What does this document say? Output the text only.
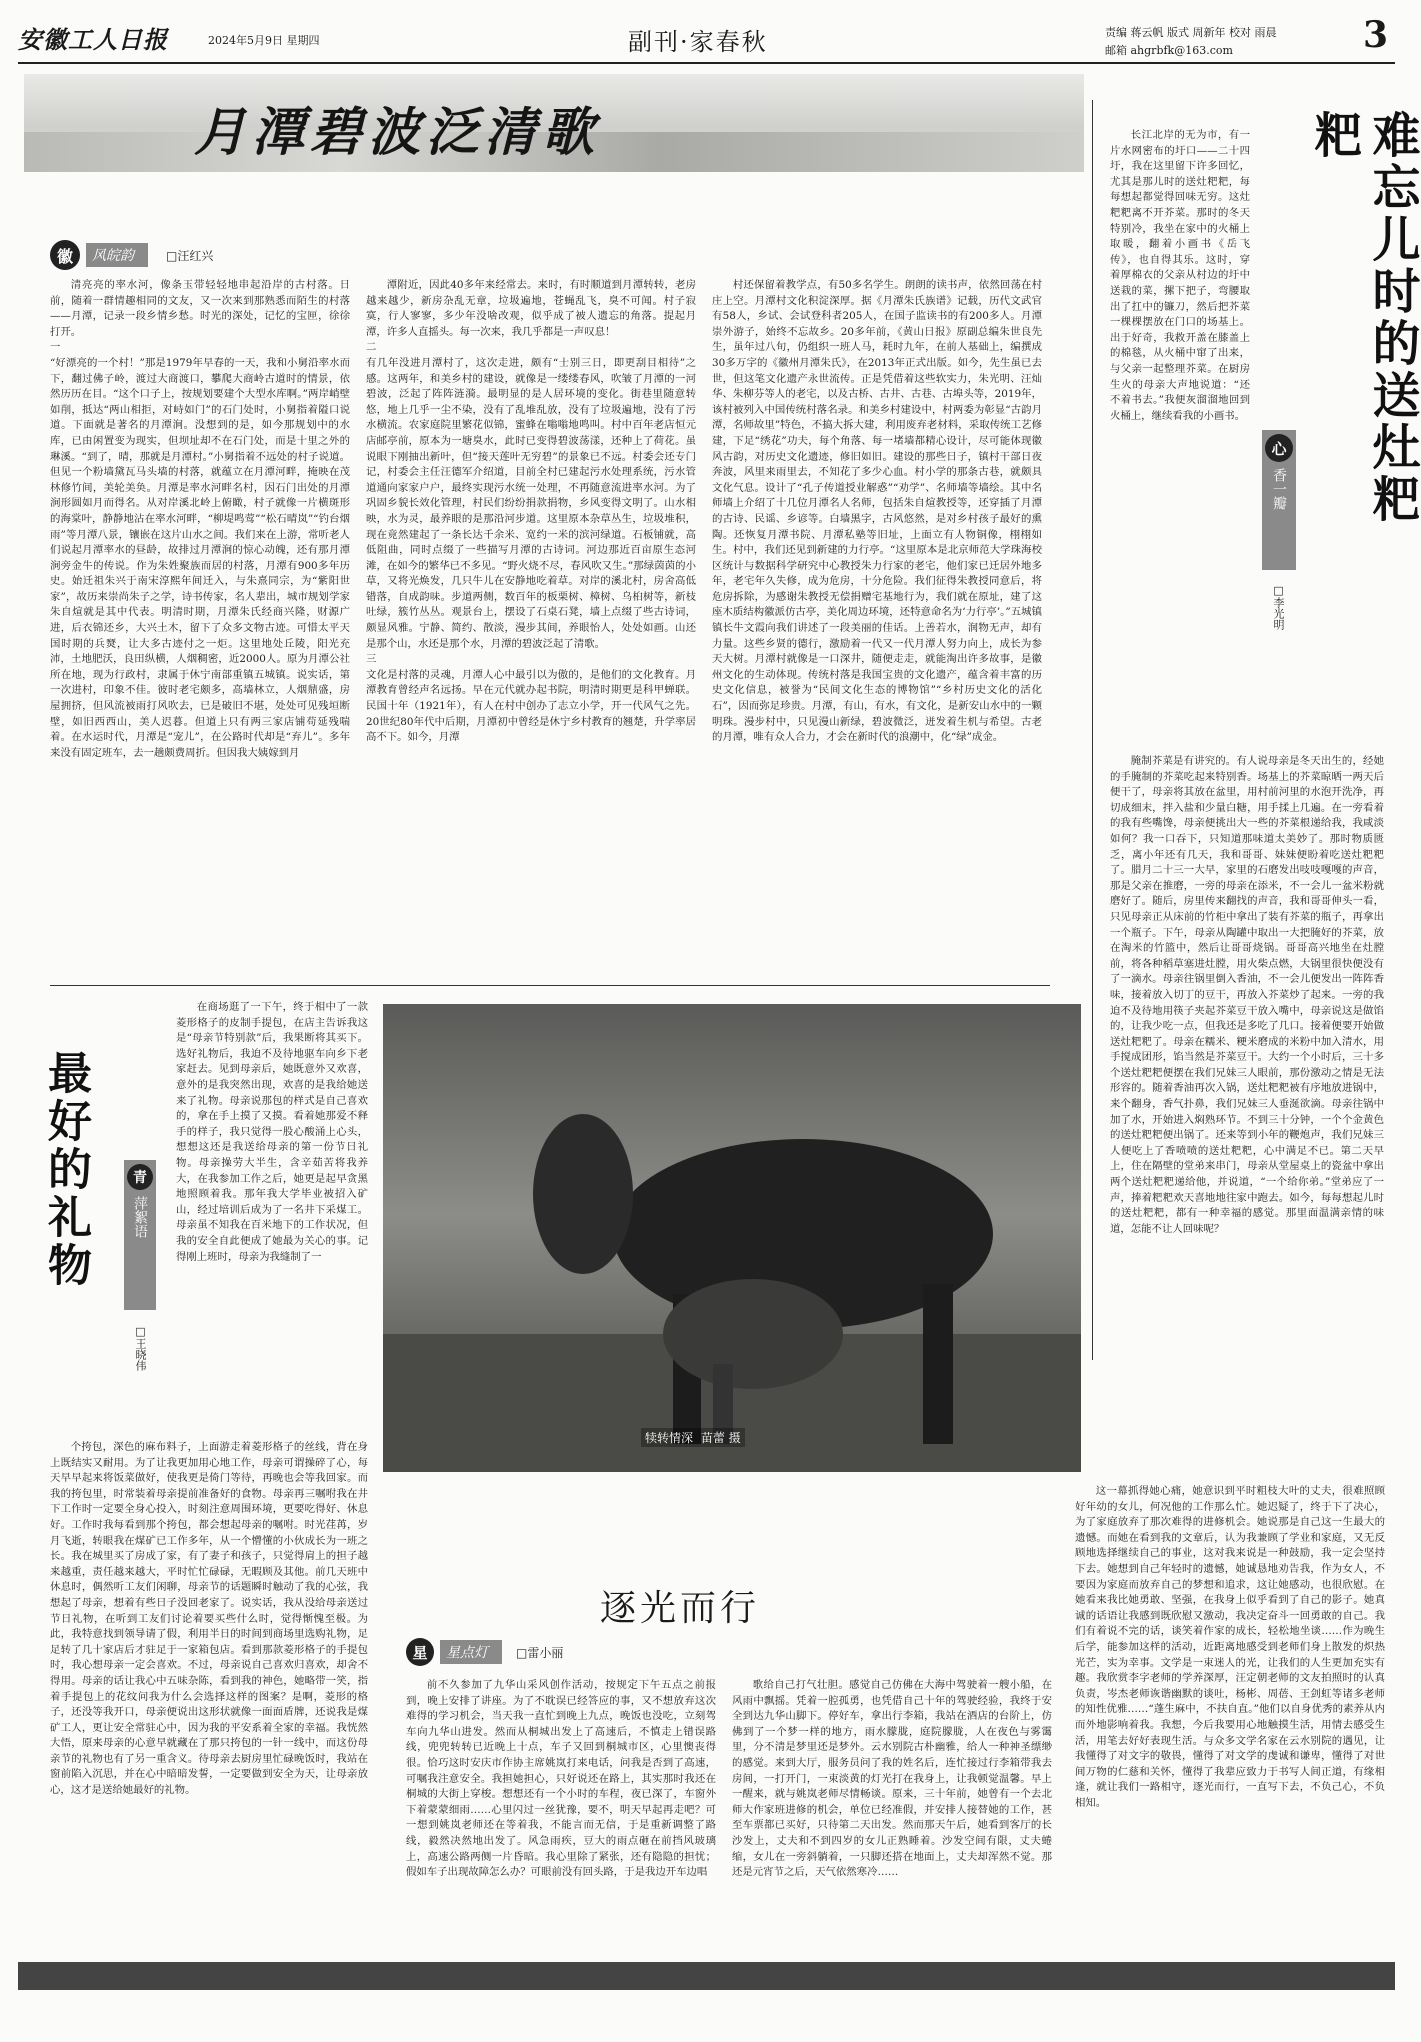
安徽工人日报	2024年5月9日 星期四	副刊·家春秋	责编 蒋云帆 版式 周新年 校对 雨晨
邮箱 ahgrbfk@163.com	3
月潭碧波泛清歌
徽	风皖韵	□汪红兴
清亮亮的率水河，像条玉带轻轻地串起沿岸的古村落。日前，随着一群情趣相同的文友，又一次来到那熟悉而陌生的村落——月潭，记录一段乡情乡愁。时光的深处，记忆的宝匣，徐徐打开。
一
“好漂亮的一个村！”那是1979年早春的一天，我和小舅沿率水而下，翻过佛子岭，渡过大商渡口，攀爬大商岭古道时的情景，依然历历在目。“这个口子上，按规划要建个大型水库啊。”两岸峭壁如削，抵达“两山相拒，对峙如门”的石门处时，小舅指着隘口说道。下面就是著名的月潭涧。没想到的是，如今那规划中的水库，已由闲置变为现实，但坝址却不在石门处，而是十里之外的琳溪。“到了，晴，那就是月潭村。”小舅指着不远处的村子说道。但见一个粉墙黛瓦马头墙的村落，就蕴立在月潭河畔，掩映在茂林修竹间，美轮美奂。月潭是率水河畔名村，因石门出处的月潭涧形圆如月而得名。从对岸溪北岭上俯瞰，村子就像一片横斑形的海棠叶，静静地沾在率水河畔，“柳堤鸣莺”“松石晴岚”“钓台烟雨”等月潭八景，镶嵌在这片山水之间。我们来在上游，常听老人们说起月潭率水的昼龄，故排过月潭涧的惊心动魄，还有那月潭涧旁金牛的传说。作为朱姓聚族而居的村落，月潭有900多年历史。始迁祖朱兴于南宋淳熙年间迁入，与朱熹同宗，为“紫阳世家”，故历来崇尚朱子之学，诗书传家，名人辈出，城市规划学家朱自煊就是其中代表。明清时期，月潭朱氏经商兴隆，财源广进，后衣锦还乡，大兴土木，留下了众多文物古迹。可惜太平天国时期的兵燹，让大多古迹付之一炬。这里地处丘陵，阳光充沛，土地肥沃，良田纵横，人烟稠密，近2000人。原为月潭公社所在地，现为行政村，隶属于休宁南部重镇五城镇。说实话，第一次进村，印象不佳。彼时老宅颇多，高墙林立，人烟鼎盛，房屋拥挤，但风流被雨打风吹去，已是破旧不堪，处处可见残垣断壁，如旧西西山，美人迟暮。但道上只有两三家店铺苟延残喘着。在水运时代，月潭是“宠儿”，在公路时代却是“弃儿”。多年来没有固定班车，去一趟颇费周折。但因我大姨嫁到月
潭附近，因此40多年来经常去。来时，有时顺道到月潭转转，老房越来越少，新房杂乱无章，垃圾遍地，苍蝇乱飞，臭不可闻。村子寂寞，行人寥寥，多少年没啥改观，似乎成了被人遗忘的角落。提起月潭，许多人直摇头。每一次来，我几乎都是一声叹息！
二
有几年没进月潭村了，这次走进，颇有“士别三日，即更刮目相待”之感。这两年，和美乡村的建设，就像是一缕缕春风，吹皱了月潭的一河碧波，泛起了阵阵涟漪。最明显的是人居环境的变化。街巷里随意转悠，地上几乎一尘不染，没有了乱堆乱放，没有了垃圾遍地，没有了污水横流。农家庭院里繁花似锦，蜜蜂在嗡嗡地鸣叫。村中百年老店恒元店邮亭前，原本为一塘臭水，此时已变得碧波荡漾，还种上了荷花。虽说眼下刚抽出新叶，但“接天莲叶无穷碧”的景象已不远。村委会还专门记，村委会主任汪德军介绍道，目前全村已建起污水处理系统，污水管道通向家家户户，最终实现污水统一处理，不再随意流进率水河。为了巩固乡貌长效化管理，村民们纷纷捐款捐物，乡风变得文明了。山水相映，水为灵，最养眼的是那沿河步道。这里原本杂草丛生，垃圾堆积，现在竟然建起了一条长达千余米、宽约一米的滨河绿道。石板铺就，高低阻曲，同时点缀了一些描写月潭的古诗词。河边那近百亩原生态河滩，在如今的繁华已不多见。“野火烧不尽，春风吹又生。”那绿茵茵的小草，又将光焕发，几只牛儿在安静地吃着草。对岸的溪北村，房舍高低错落，自成韵味。步道两侧，数百年的板栗树、樟树、乌桕树等，新枝吐绿，簇竹丛丛。观景台上，摆设了石桌石凳，墙上点缀了些古诗词，颇显风雅。宁静、简约、散淡，漫步其间，养眼怡人，处处如画。山还是那个山，水还是那个水，月潭的碧波泛起了清歌。
三
文化是村落的灵魂，月潭人心中最引以为傲的，是他们的文化教育。月潭教育曾经声名远扬。早在元代就办起书院，明清时期更是科甲蝉联。民国十年（1921年），有人在村中创办了志立小学，开一代风气之先。20世纪80年代中后期，月潭初中曾经是休宁乡村教育的翘楚，升学率居高不下。如今，月潭
村还保留着教学点，有50多名学生。朗朗的读书声，依然回荡在村庄上空。月潭村文化积淀深厚。据《月潭朱氏族谱》记载，历代文武官有58人，乡试、会试登科者205人，在国子监读书的有200多人。月潭崇外游子，始终不忘故乡。20多年前，《黄山日报》原副总编朱世良先生，虽年过八旬，仍组织一班人马，耗时九年，在前人基础上，编撰成30多万字的《徽州月潭朱氏》，在2013年正式出版。如今，先生虽已去世，但这笔文化遗产永世流传。正是凭借着这些软实力，朱光明、汪灿华、朱柳芬等人的老宅，以及古桥、古井、古巷、古埠头等，2019年，该村被列入中国传统村落名录。和美乡村建设中，村两委为彰显“古韵月潭，名师故里”特色，不搞大拆大建，利用废弃老材料，采取传统工艺修建，下足“绣花”功夫，每个角落、每一堵墙都精心设计，尽可能体现徽风古韵，对历史文化遗迹，修旧如旧。建设的那些日子，镇村干部日夜奔波，风里来雨里去，不知花了多少心血。村小学的那条古巷，就颇具文化气息。设计了“孔子传道授业解惑”“劝学”、名师墙等墙绘。其中名师墙上介绍了十几位月潭名人名师，包括朱自煊教授等，还穿插了月潭的古诗、民谣、乡谚等。白墙黑字，古风悠然，是对乡村孩子最好的熏陶。还恢复月潭书院、月潭私塾等旧址，上面立有人物铜像，栩栩如生。村中，我们还见到新建的力行亭。“这里原本是北京师范大学珠海校区统计与数据科学研究中心教授朱力行家的老宅，他们家已迁居外地多年，老宅年久失修，成为危房，十分危险。我们征得朱教授同意后，将危房拆除，为感谢朱教授无偿捐赠宅基地行为，我们就在原址，建了这座木质结构徽派仿古亭，美化周边环境，还特意命名为‘力行亭’。”五城镇镇长牛文霞向我们讲述了一段美丽的佳话。上善若水，润物无声，却有力量。这些乡贤的德行，激励着一代又一代月潭人努力向上，成长为参天大树。月潭村就像是一口深井，随便走走，就能淘出许多故事，是徽州文化的生动体现。传统村落是我国宝贵的文化遗产，蕴含着丰富的历史文化信息，被誉为“民间文化生态的博物馆”“乡村历史文化的活化石”，因而弥足珍贵。月潭，有山，有水，有文化，是新安山水中的一颗明珠。漫步村中，只见漫山新绿，碧波微泛，迸发着生机与希望。古老的月潭，唯有众人合力，才会在新时代的浪潮中，化“绿”成金。
难忘儿时的送灶粑粑
心
香一瓣
□李光明
长江北岸的无为市，有一片水网密布的圩口——二十四圩，我在这里留下许多回忆，尤其是那儿时的送灶粑粑，每每想起都觉得回味无穷。这灶粑粑离不开芥菜。那时的冬天特别冷，我坐在家中的火桶上取暖，翻着小画书《岳飞传》，也自得其乐。这时，穿着厚棉衣的父亲从村边的圩中送栽的菜，摞下把子，弯腰取出了扛中的镰刀，然后把芥菜一棵棵摆放在门口的场基上。出于好奇，我救开盖在膝盖上的棉毯，从火桶中窜了出来，与父亲一起整理芥菜。在厨房生火的母亲大声地说道：“还不着书去。”我便灰溜溜地回到火桶上，继续看我的小画书。
腌制芥菜是有讲究的。有人说母亲是冬天出生的，经她的手腌制的芥菜吃起来特别香。场基上的芥菜晾晒一两天后便干了，母亲将其放在盆里，用村前河里的水泡开洗净，再切成细末，拌入盐和少量白糖，用手揉上几遍。在一旁看着的我有些嘴馋，母亲便挑出大一些的芥菜根递给我，我咸淡如何？我一口吞下，只知道那味道太美妙了。那时物质匮乏，离小年还有几天，我和哥哥、妹妹便盼着吃送灶粑粑了。腊月二十三一大早，家里的石磨发出吱吱嘎嘎的声音，那是父亲在推磨，一旁的母亲在添米，不一会儿一盆米粉就磨好了。随后，房里传来翻找的声音，我和哥哥伸头一看，只见母亲正从床前的竹柜中拿出了装有芥菜的瓶子，再拿出一个瓶子。下午，母亲从陶罐中取出一大把腌好的芥菜，放在淘米的竹篮中，然后让哥哥烧锅。哥哥高兴地坐在灶膛前，将各种稻草塞进灶膛，用火柴点燃，大锅里很快便没有了一滴水。母亲往锅里倒入香油，不一会儿便发出一阵阵香味，接着放入切丁的豆干，再放入芥菜炒了起来。一旁的我迫不及待地用筷子夹起芥菜豆干放入嘴中，母亲说这是做馅的，让我少吃一点，但我还是多吃了几口。接着便要开始做送灶粑粑了。母亲在糯米、粳米磨成的米粉中加入清水，用手搅成团形，馅当然是芥菜豆干。大约一个小时后，三十多个送灶粑粑便摆在我们兄妹三人眼前，那份激动之情是无法形容的。随着香油再次入锅，送灶粑粑被有序地放进锅中，来个翻身，香气扑鼻，我们兄妹三人垂涎欲滴。母亲往锅中加了水，开始进入焖熟环节。不到三十分钟，一个个金黄色的送灶粑粑便出锅了。还来等到小年的鞭炮声，我们兄妹三人便吃上了香喷喷的送灶粑粑，心中满足不已。第二天早上，住在隔壁的堂弟来串门，母亲从堂屋桌上的瓷盆中拿出两个送灶粑粑递给他，并说道，“一个给你弟。”堂弟应了一声，捧着粑粑欢天喜地地往家中跑去。如今，每每想起儿时的送灶粑粑，都有一种幸福的感觉。那里面温满亲情的味道，怎能不让人回味呢？
最好的礼物	青
萍絮语
□王晓伟
在商场逛了一下午，终于相中了一款菱形格子的皮制手提包，在店主告诉我这是“母亲节特别款”后，我果断将其买下。选好礼物后，我迫不及待地驱车向乡下老家赶去。见到母亲后，她既意外又欢喜，意外的是我突然出现，欢喜的是我给她送来了礼物。母亲说那包的样式是自己喜欢的，拿在手上摸了又摸。看着她那爱不释手的样子，我只觉得一股心酸涌上心头，想想这还是我送给母亲的第一份节日礼物。母亲操劳大半生，含辛茹苦将我养大，在我参加工作之后，她更是起早贪黑地照顾着我。那年我大学毕业被招入矿山，经过培训后成为了一名井下采煤工。母亲虽不知我在百米地下的工作状况，但我的安全自此便成了她最为关心的事。记得刚上班时，母亲为我缝制了一
个挎包，深色的麻布料子，上面游走着菱形格子的丝线，背在身上既结实又耐用。为了让我更加用心地工作，母亲可谓操碎了心，每天早早起来将饭菜做好，使我更是倚门等待，再晚也会等我回家。而我的挎包里，时常装着母亲提前准备好的食物。母亲再三嘱咐我在井下工作时一定要全身心投入，时刻注意周围环境，更要吃得好、休息好。工作时我每看到那个挎包，都会想起母亲的嘱咐。时光荏苒，岁月飞逝，转眼我在煤矿已工作多年，从一个懵懂的小伙成长为一班之长。我在城里买了房成了家，有了妻子和孩子，只觉得肩上的担子越来越重，责任越来越大，平时忙忙碌碌，无暇顾及其他。前几天班中休息时，偶然听工友们闲聊，母亲节的话题瞬时触动了我的心弦，我想起了母亲，想着有些日子没回老家了。说实话，我从没给母亲送过节日礼物，在听到工友们讨论着要买些什么时，觉得惭愧至极。为此，我特意找到领导请了假，利用半日的时间到商场里选购礼物，足足转了几十家店后才驻足于一家箱包店。看到那款菱形格子的手提包时，我心想母亲一定会喜欢。不过，母亲说自己喜欢归喜欢，却舍不得用。母亲的话让我心中五味杂陈，看到我的神色，她略带一笑，指着手提包上的花纹问我为什么会选择这样的图案？是啊，菱形的格子，还没等我开口，母亲便说出这形状就像一面面盾牌，还说我是煤矿工人，更让安全常驻心中，因为我的平安系着全家的幸福。我恍然大悟，原来母亲的心意早就藏在了那只挎包的一针一线中，而这份母亲节的礼物也有了另一重含义。待母亲去厨房里忙碌晚饭时，我站在窗前陷入沉思，并在心中暗暗发誓，一定要做到安全为天，让母亲放心，这才是送给她最好的礼物。
犊转情深 苗蕾 摄
逐光而行
星	星点灯	□雷小丽
前不久参加了九华山采风创作活动，按规定下午五点之前报到，晚上安排了讲座。为了不耽误已经答应的事，又不想放弃这次难得的学习机会，当天我一直忙到晚上九点，晚饭也没吃，立刻驾车向九华山进发。然而从桐城出发上了高速后，不慎走上错误路线，兜兜转转已近晚上十点，车子又回到桐城市区，心里懊丧得很。恰巧这时安庆市作协主席姚岚打来电话，问我是否到了高速，可嘱我注意安全。我担她担心，只好说还在路上，其实那时我还在桐城的大街上穿梭。想想还有一个小时的车程，夜已深了，车窗外下着蒙蒙细雨……心里闪过一丝犹豫，要不，明天早起再走吧？可一想到姚岚老师还在等着我，不能言而无信，于是重新调整了路线，毅然决然地出发了。风急雨疾，豆大的雨点砸在前挡风玻璃上，高速公路两侧一片昏暗。我心里除了紧张，还有隐隐的担忧；假如车子出现故障怎么办？可眼前没有回头路，于是我边开车边唱
歌给自己打气壮胆。感觉自己仿佛在大海中驾驶着一艘小船，在风雨中飘摇。凭着一腔孤勇，也凭借自己十年的驾驶经验，我终于安全到达九华山脚下。停好车，拿出行李箱，我站在酒店的台阶上，仿佛到了一个梦一样的地方，雨水朦胧，庭院朦胧，人在夜色与雾霭里，分不清是梦里还是梦外。云水别院古朴幽雅，给人一种神圣缥缈的感觉。来到大厅，服务员问了我的姓名后，连忙接过行李箱带我去房间，一打开门，一束淡黄的灯光打在我身上，让我顿觉温馨。早上一醒来，就与姚岚老师尽情畅谈。原来，三十年前，她曾有一个去北师大作家班进修的机会，单位已经准假，并安排人接替她的工作，甚至车票都已买好，只待第二天出发。然而那天午后，她看到客厅的长沙发上，丈夫和不到四岁的女儿正熟睡着。沙发空间有限，丈夫蜷缩，女儿在一旁斜躺着，一只脚还搭在地面上，丈夫却浑然不觉。那还是元宵节之后，天气依然寒冷……
这一幕抓得她心痛，她意识到平时粗枝大叶的丈夫，很难照顾好年幼的女儿，何况他的工作那么忙。她迟疑了，终于下了决心，为了家庭放弃了那次难得的进修机会。她说那是自己这一生最大的遗憾。而她在看到我的文章后，认为我兼顾了学业和家庭，又无反顾地选择继续自己的事业，这对我来说是一种鼓励，我一定会坚持下去。她想到自己年轻时的遗憾，她诚恳地劝告我，作为女人，不要因为家庭而放弃自己的梦想和追求，这让她感动，也很欣慰。在她看来我比她勇敢、坚强，在我身上似乎看到了自己的影子。她真诚的话语让我感到既欣慰又激动，我决定奋斗一回勇敢的自己。我们有着说不完的话，谈笑着作家的成长，轻松地坐谈……作为晚生后学，能参加这样的活动，近距离地感受到老师们身上散发的炽热光芒，实为幸事。文学是一束迷人的光，让我们的人生更加充实有趣。我欣赏李字老师的学养深厚，汪定朝老师的文友拍照时的认真负责，岑杰老师诙谐幽默的谈吐，杨彬、周蓓、王剑虹等诸多老师的知性优雅……“蓬生麻中，不扶自直。”他们以自身优秀的素养从内而外地影响着我。我想，今后我要用心地触摸生活，用情去感受生活，用笔去好好表现生活。与众多文学名家在云水别院的遇见，让我懂得了对文字的敬畏，懂得了对文学的虔诚和谦卑，懂得了对世间万物的仁慈和关怀，懂得了我辈应致力于书写人间正道，有缘相逢，就让我们一路相守，逐光而行，一直写下去，不负己心，不负相知。
